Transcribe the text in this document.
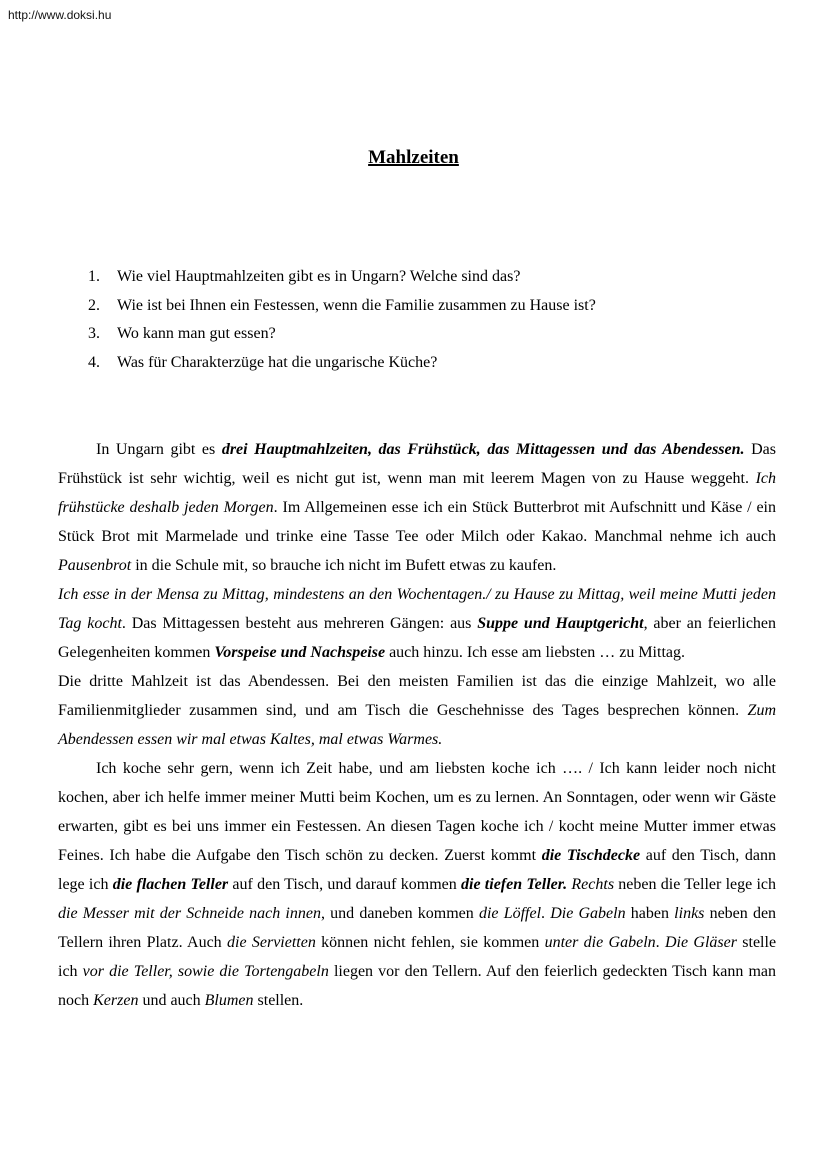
http://www.doksi.hu
Mahlzeiten
1.	Wie viel Hauptmahlzeiten gibt es in Ungarn? Welche sind das?
2.	Wie ist bei Ihnen ein Festessen, wenn die Familie zusammen zu Hause ist?
3.	Wo kann man gut essen?
4.	Was für Charakterzüge hat die ungarische Küche?

In Ungarn gibt es drei Hauptmahlzeiten, das Frühstück, das Mittagessen und das Abendessen. Das Frühstück ist sehr wichtig, weil es nicht gut ist, wenn man mit leerem Magen von zu Hause weggeht. Ich frühstücke deshalb jeden Morgen. Im Allgemeinen esse ich ein Stück Butterbrot mit Aufschnitt und Käse / ein Stück Brot mit Marmelade und trinke eine Tasse Tee oder Milch oder Kakao. Manchmal nehme ich auch Pausenbrot in die Schule mit, so brauche ich nicht im Bufett etwas zu kaufen.

Ich esse in der Mensa zu Mittag, mindestens an den Wochentagen./ zu Hause zu Mittag, weil meine Mutti jeden Tag kocht. Das Mittagessen besteht aus mehreren Gängen: aus Suppe und Hauptgericht, aber an feierlichen Gelegenheiten kommen Vorspeise und Nachspeise auch hinzu. Ich esse am liebsten … zu Mittag.

Die dritte Mahlzeit ist das Abendessen. Bei den meisten Familien ist das die einzige Mahlzeit, wo alle Familienmitglieder zusammen sind, und am Tisch die Geschehnisse des Tages besprechen können. Zum Abendessen essen wir mal etwas Kaltes, mal etwas Warmes.

Ich koche sehr gern, wenn ich Zeit habe, und am liebsten koche ich …. / Ich kann leider noch nicht kochen, aber ich helfe immer meiner Mutti beim Kochen, um es zu lernen. An Sonntagen, oder wenn wir Gäste erwarten, gibt es bei uns immer ein Festessen. An diesen Tagen koche ich / kocht meine Mutter immer etwas Feines. Ich habe die Aufgabe den Tisch schön zu decken. Zuerst kommt die Tischdecke auf den Tisch, dann lege ich die flachen Teller auf den Tisch, und darauf kommen die tiefen Teller. Rechts neben die Teller lege ich die Messer mit der Schneide nach innen, und daneben kommen die Löffel. Die Gabeln haben links neben den Tellern ihren Platz. Auch die Servietten können nicht fehlen, sie kommen unter die Gabeln. Die Gläser stelle ich vor die Teller, sowie die Tortengabeln liegen vor den Tellern. Auf den feierlich gedeckten Tisch kann man noch Kerzen und auch Blumen stellen.
